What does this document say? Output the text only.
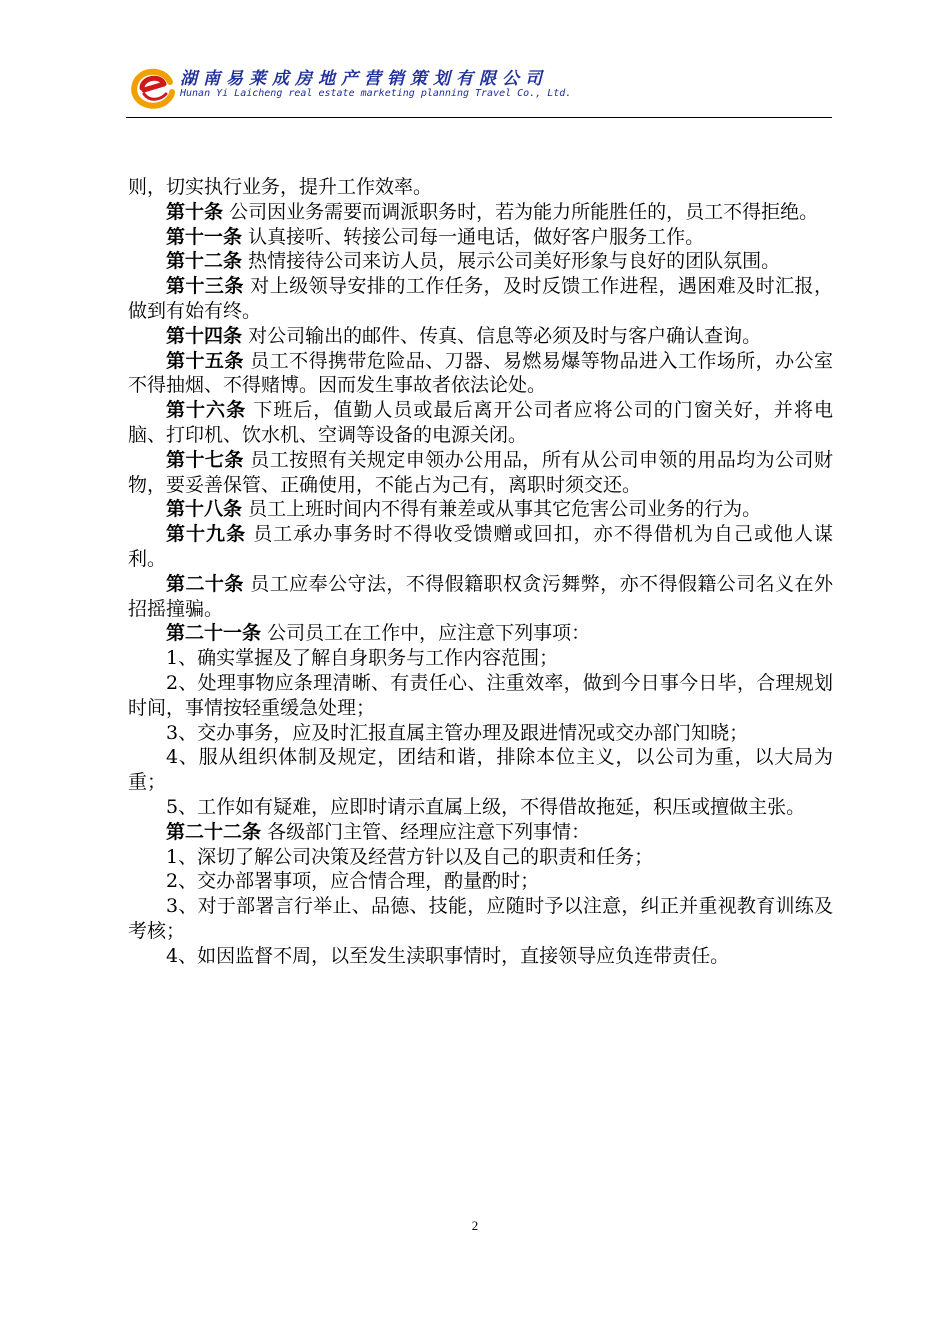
湖南易莱成房地产营销策划有限公司
Hunan Yi Laicheng real estate marketing planning Travel Co., Ltd.

则，切实执行业务，提升工作效率。

第十条 公司因业务需要而调派职务时，若为能力所能胜任的，员工不得拒绝。

第十一条 认真接听、转接公司每一通电话，做好客户服务工作。

第十二条 热情接待公司来访人员，展示公司美好形象与良好的团队氛围。

第十三条 对上级领导安排的工作任务，及时反馈工作进程，遇困难及时汇报，做到有始有终。

第十四条 对公司输出的邮件、传真、信息等必须及时与客户确认查询。

第十五条 员工不得携带危险品、刀器、易燃易爆等物品进入工作场所，办公室不得抽烟、不得赌博。因而发生事故者依法论处。

第十六条 下班后，值勤人员或最后离开公司者应将公司的门窗关好，并将电脑、打印机、饮水机、空调等设备的电源关闭。

第十七条 员工按照有关规定申领办公用品，所有从公司申领的用品均为公司财物，要妥善保管、正确使用，不能占为己有，离职时须交还。

第十八条 员工上班时间内不得有兼差或从事其它危害公司业务的行为。

第十九条 员工承办事务时不得收受馈赠或回扣，亦不得借机为自己或他人谋利。

第二十条 员工应奉公守法，不得假籍职权贪污舞弊，亦不得假籍公司名义在外招摇撞骗。

第二十一条 公司员工在工作中，应注意下列事项：

1、确实掌握及了解自身职务与工作内容范围；

2、处理事物应条理清晰、有责任心、注重效率，做到今日事今日毕，合理规划时间，事情按轻重缓急处理；

3、交办事务，应及时汇报直属主管办理及跟进情况或交办部门知晓；

4、服从组织体制及规定，团结和谐，排除本位主义，以公司为重，以大局为重；

5、工作如有疑难，应即时请示直属上级，不得借故拖延，积压或擅做主张。

第二十二条 各级部门主管、经理应注意下列事情：

1、深切了解公司决策及经营方针以及自己的职责和任务；

2、交办部署事项，应合情合理，酌量酌时；

3、对于部署言行举止、品德、技能，应随时予以注意，纠正并重视教育训练及考核；

4、如因监督不周，以至发生渎职事情时，直接领导应负连带责任。

2
